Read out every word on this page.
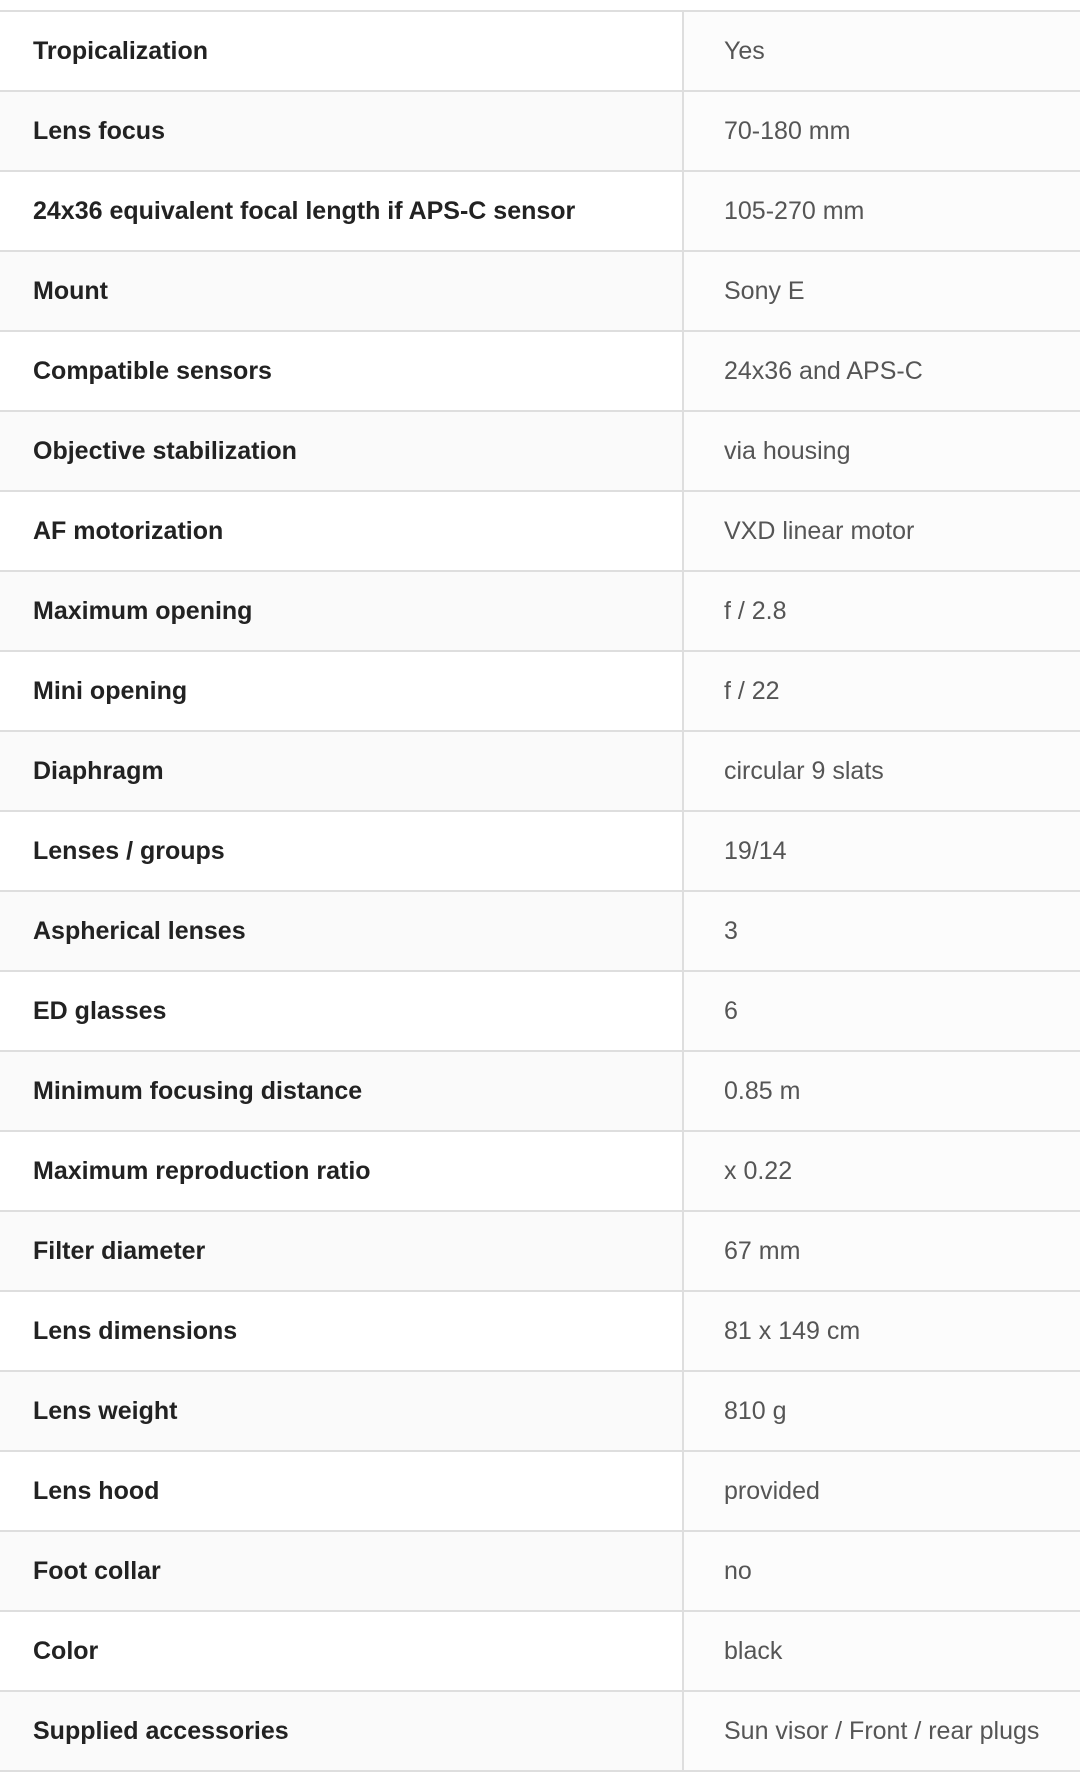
Tropicalization	Yes
Lens focus	70-180 mm
24x36 equivalent focal length if APS-C sensor	105-270 mm
Mount	Sony E
Compatible sensors	24x36 and APS-C
Objective stabilization	via housing
AF motorization	VXD linear motor
Maximum opening	f / 2.8
Mini opening	f / 22
Diaphragm	circular 9 slats
Lenses / groups	19/14
Aspherical lenses	3
ED glasses	6
Minimum focusing distance	0.85 m
Maximum reproduction ratio	x 0.22
Filter diameter	67 mm
Lens dimensions	81 x 149 cm
Lens weight	810 g
Lens hood	provided
Foot collar	no
Color	black
Supplied accessories	Sun visor / Front / rear plugs
